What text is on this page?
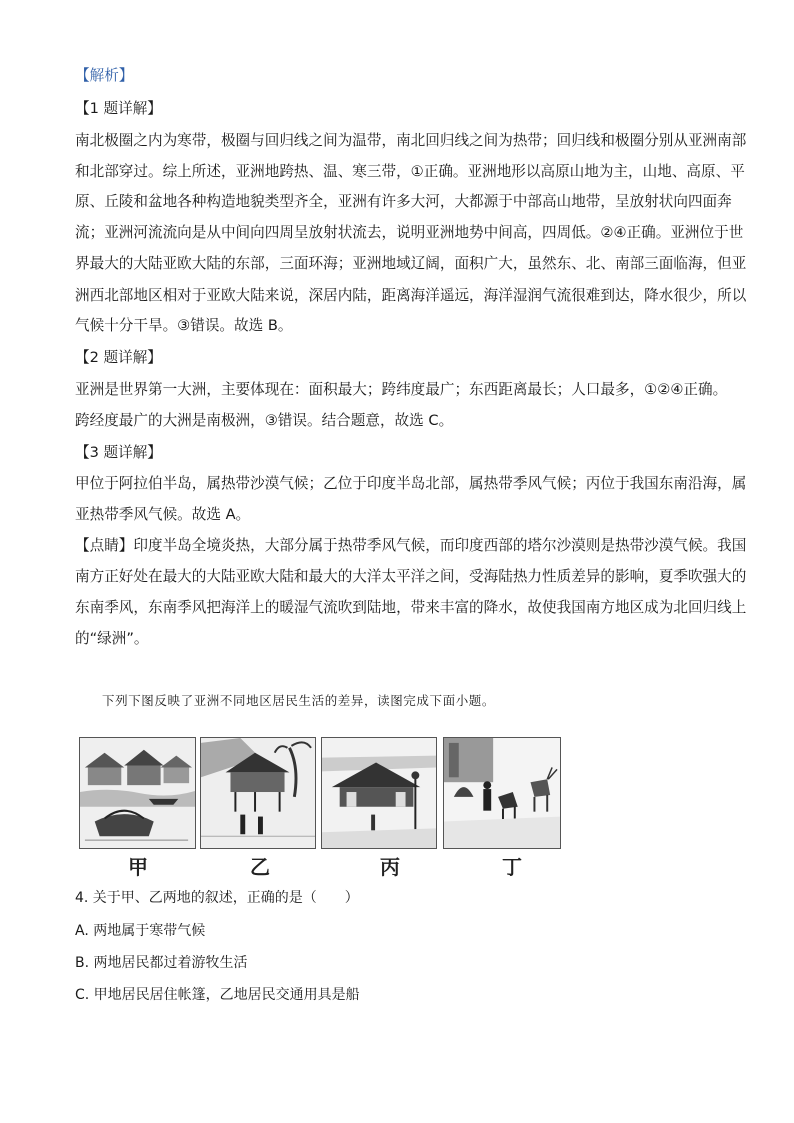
【解析】
【1 题详解】
南北极圈之内为寒带，极圈与回归线之间为温带，南北回归线之间为热带；回归线和极圈分别从亚洲南部
和北部穿过。综上所述，亚洲地跨热、温、寒三带，①正确。亚洲地形以高原山地为主，山地、高原、平
原、丘陵和盆地各种构造地貌类型齐全，亚洲有许多大河，大都源于中部高山地带，呈放射状向四面奔
流；亚洲河流流向是从中间向四周呈放射状流去，说明亚洲地势中间高，四周低。②④正确。亚洲位于世
界最大的大陆亚欧大陆的东部，三面环海；亚洲地域辽阔，面积广大，虽然东、北、南部三面临海，但亚
洲西北部地区相对于亚欧大陆来说，深居内陆，距离海洋遥远，海洋湿润气流很难到达，降水很少，所以
气候十分干旱。③错误。故选 B。
【2 题详解】
亚洲是世界第一大洲，主要体现在：面积最大；跨纬度最广；东西距离最长；人口最多，①②④正确。
跨经度最广的大洲是南极洲，③错误。结合题意，故选 C。
【3 题详解】
甲位于阿拉伯半岛，属热带沙漠气候；乙位于印度半岛北部，属热带季风气候；丙位于我国东南沿海，属
亚热带季风气候。故选 A。
【点睛】印度半岛全境炎热，大部分属于热带季风气候，而印度西部的塔尔沙漠则是热带沙漠气候。我国
南方正好处在最大的大陆亚欧大陆和最大的大洋太平洋之间，受海陆热力性质差异的影响，夏季吹强大的
东南季风，东南季风把海洋上的暖湿气流吹到陆地，带来丰富的降水，故使我国南方地区成为北回归线上
的“绿洲”。
下列下图反映了亚洲不同地区居民生活的差异，读图完成下面小题。
甲	乙	丙	丁
4. 关于甲、乙两地的叙述，正确的是（　　）
A. 两地属于寒带气候
B. 两地居民都过着游牧生活
C. 甲地居民居住帐篷，乙地居民交通用具是船
